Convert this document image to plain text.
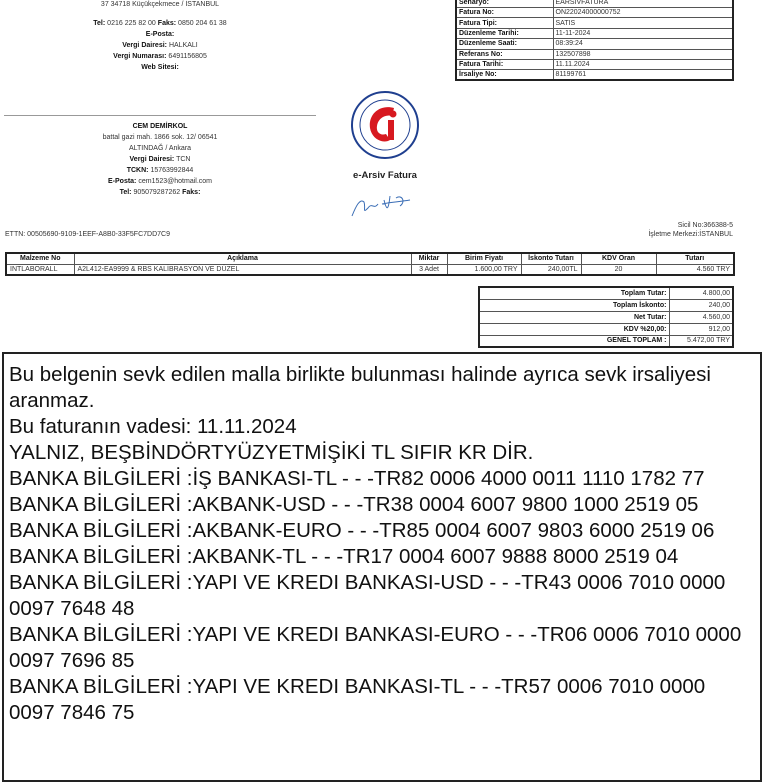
37 34718 Küçükçekmece / İSTANBUL
Tel: 0216 225 82 00 Faks: 0850 204 61 38
E-Posta:
Vergi Dairesi: HALKALI
Vergi Numarası: 6491156805
Web Sitesi:
CEM DEMİRKOL
battal gazi mah. 1866 sok. 12/ 06541
ALTINDAĞ / Ankara
Vergi Dairesi: TCN
TCKN: 15763992844
E-Posta: cem1523@hotmail.com
Tel: 905079287262 Faks:
Senaryo:	EARSIVFATURA
Fatura No:	ON22024000000752
Fatura Tipi:	SATIS
Düzenleme Tarihi:	11-11-2024
Düzenleme Saati:	08:39:24
Referans No:	132507898
Fatura Tarihi:	11.11.2024
İrsaliye No:	81199761
e-Arsiv Fatura
ETTN: 00505690-9109-1EEF-A8B0-33F5FC7DD7C9
Sicil No:366388-5
İşletme Merkezi:İSTANBUL
Malzeme No	Açıklama	Miktar	Birim Fiyatı	İskonto Tutarı	KDV Oran	Tutarı
INTLABORALL	A2L412-EA9999 & RBS KALİBRASYON VE DÜZEL	3 Adet	1.600,00 TRY	240,00TL	20	4.560 TRY
Toplam Tutar:	4.800,00
Toplam İskonto:	240,00
Net Tutar:	4.560,00
KDV %20,00:	912,00
GENEL TOPLAM :	5.472,00 TRY
Bu belgenin sevk edilen malla birlikte bulunması halinde ayrıca sevk irsaliyesi aranmaz.
Bu faturanın vadesi: 11.11.2024
YALNIZ, BEŞBİNDÖRTYÜZYETMİŞİKİ TL SIFIR KR DİR.
BANKA BİLGİLERİ :İŞ BANKASI-TL - - -TR82 0006 4000 0011 1110 1782 77
BANKA BİLGİLERİ :AKBANK-USD - - -TR38 0004 6007 9800 1000 2519 05
BANKA BİLGİLERİ :AKBANK-EURO - - -TR85 0004 6007 9803 6000 2519 06
BANKA BİLGİLERİ :AKBANK-TL - - -TR17 0004 6007 9888 8000 2519 04
BANKA BİLGİLERİ :YAPI VE KREDI BANKASI-USD - - -TR43 0006 7010 0000 0097 7648 48
BANKA BİLGİLERİ :YAPI VE KREDI BANKASI-EURO - - -TR06 0006 7010 0000 0097 7696 85
BANKA BİLGİLERİ :YAPI VE KREDI BANKASI-TL - - -TR57 0006 7010 0000 0097 7846 75
